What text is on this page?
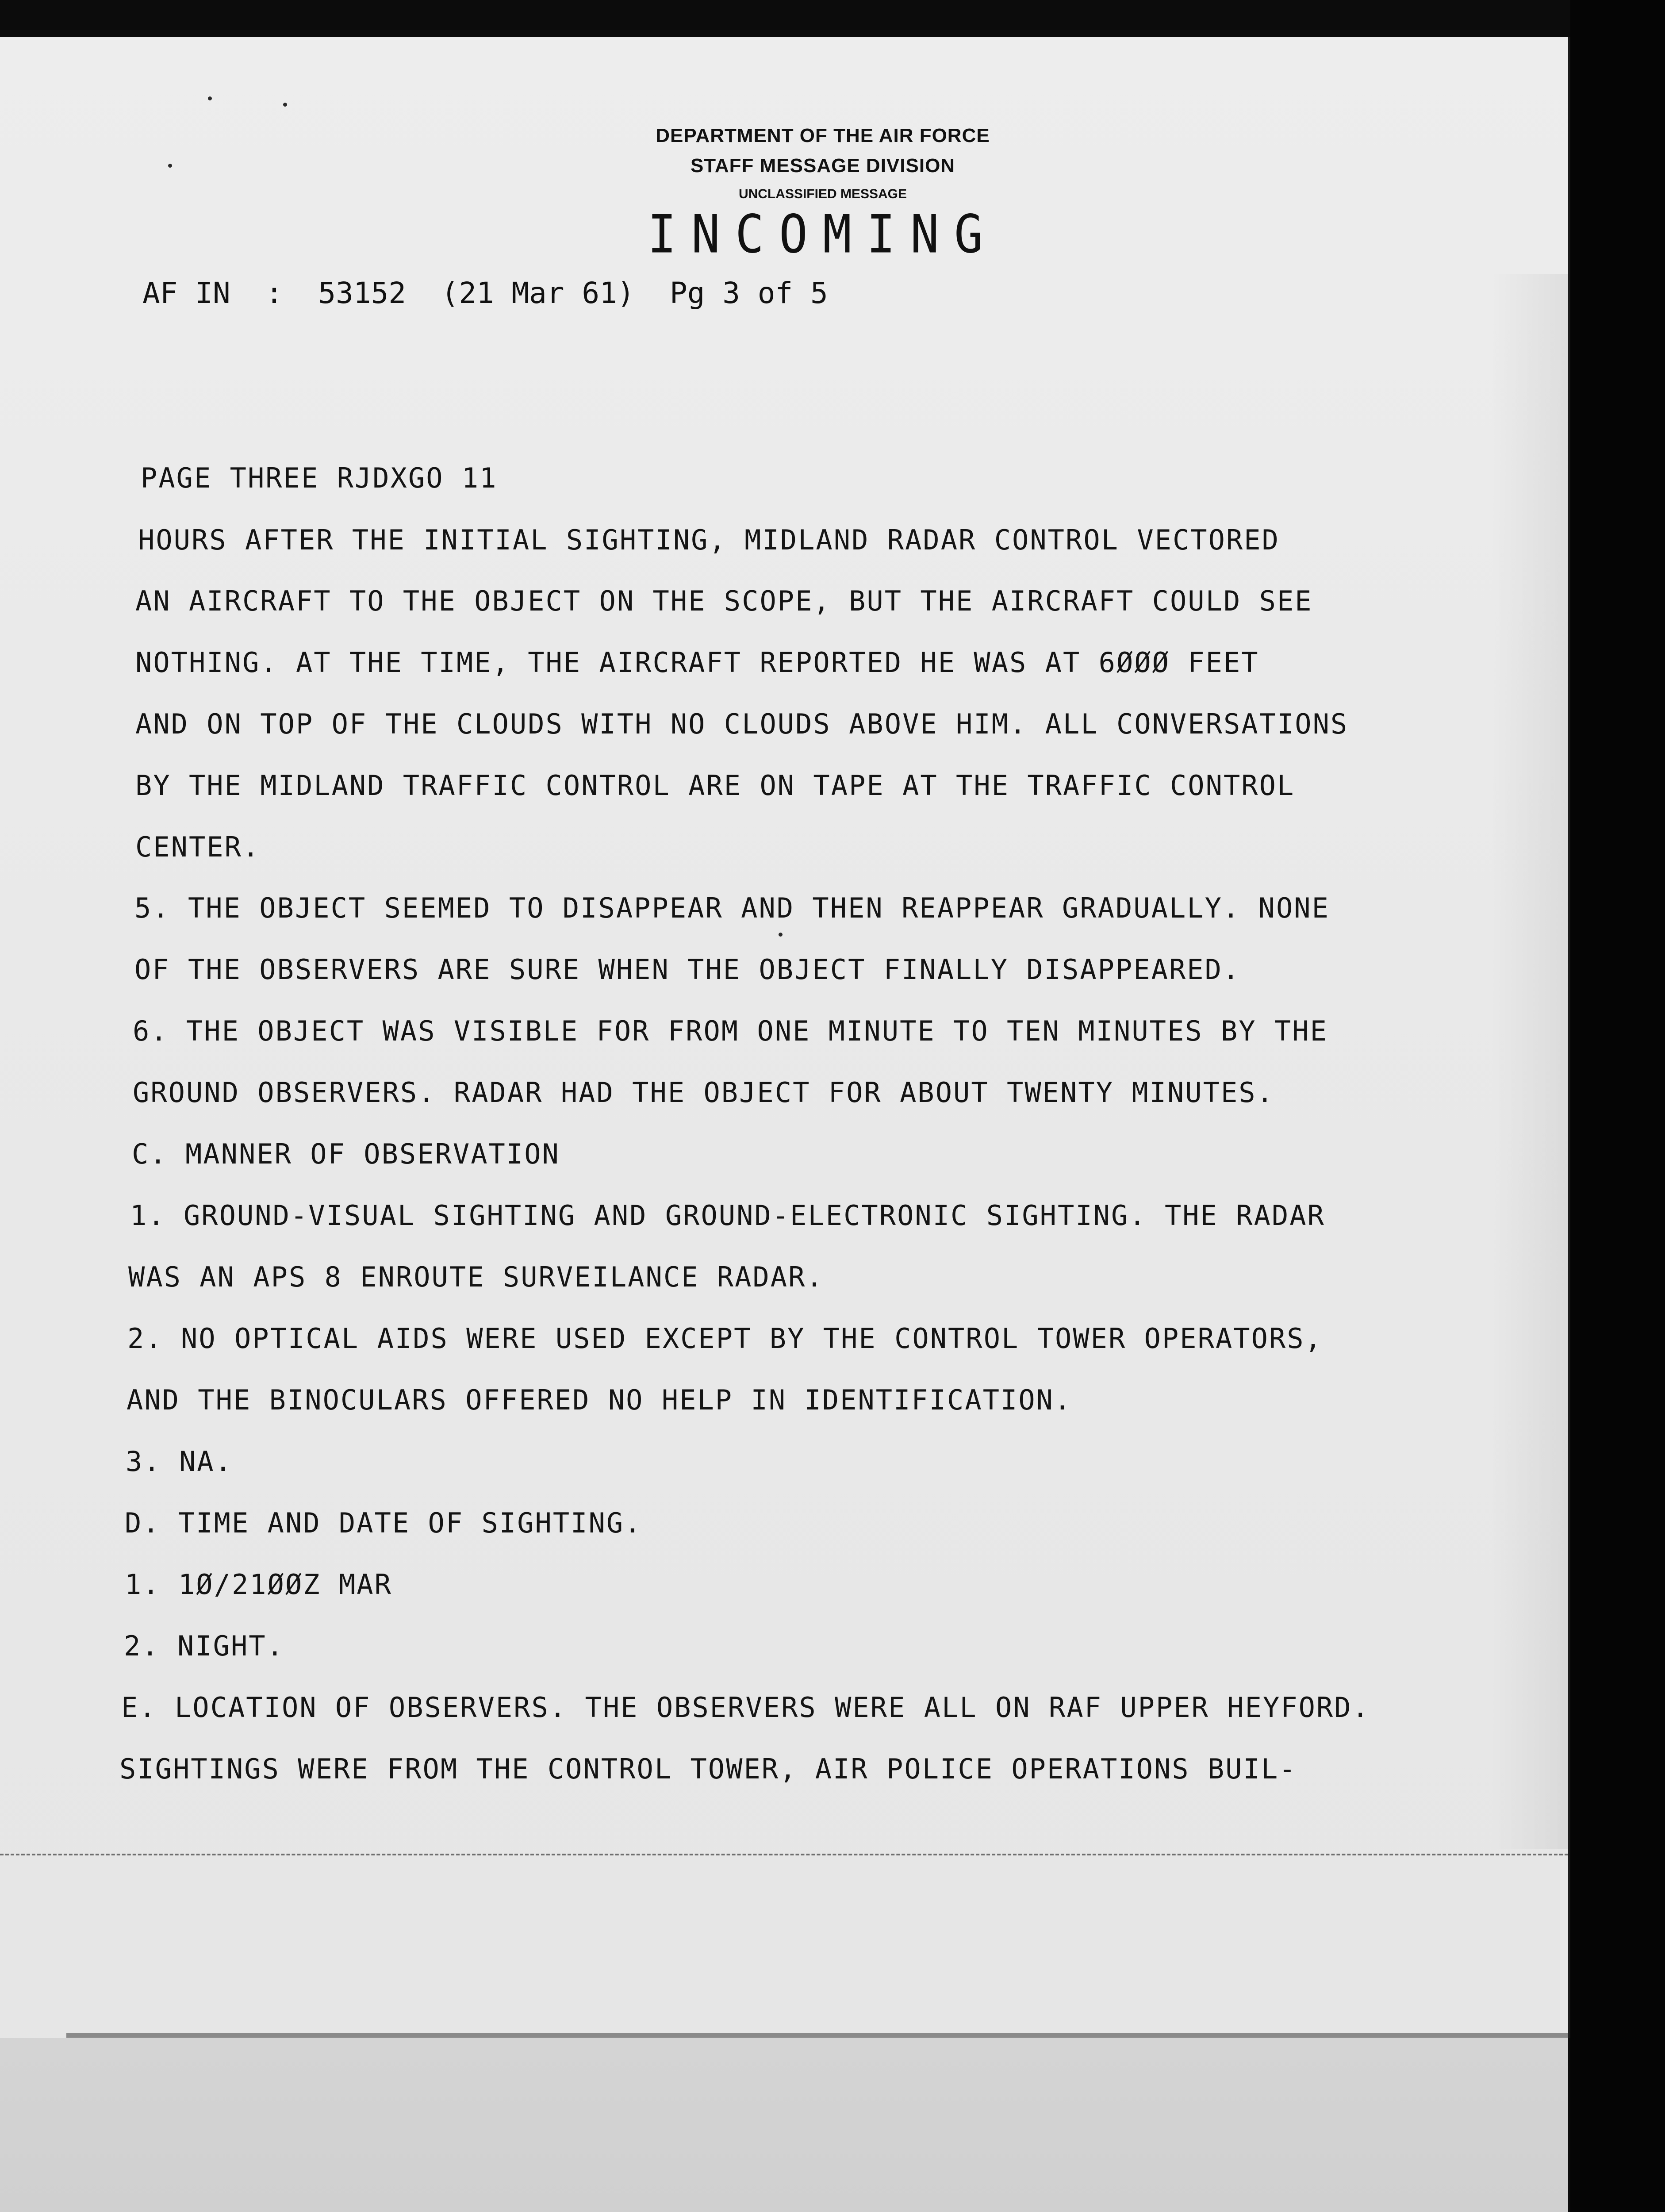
DEPARTMENT OF THE AIR FORCE
STAFF MESSAGE DIVISION
UNCLASSIFIED MESSAGE
INCOMING
AF IN  :  53152  (21 Mar 61)  Pg 3 of 5
PAGE THREE RJDXGO 11
HOURS AFTER THE INITIAL SIGHTING, MIDLAND RADAR CONTROL VECTORED
AN AIRCRAFT TO THE OBJECT ON THE SCOPE, BUT THE AIRCRAFT COULD SEE
NOTHING. AT THE TIME, THE AIRCRAFT REPORTED HE WAS AT 6ØØØ FEET
AND ON TOP OF THE CLOUDS WITH NO CLOUDS ABOVE HIM. ALL CONVERSATIONS
BY THE MIDLAND TRAFFIC CONTROL ARE ON TAPE AT THE TRAFFIC CONTROL
CENTER.
5. THE OBJECT SEEMED TO DISAPPEAR AND THEN REAPPEAR GRADUALLY. NONE
OF THE OBSERVERS ARE SURE WHEN THE OBJECT FINALLY DISAPPEARED.
6. THE OBJECT WAS VISIBLE FOR FROM ONE MINUTE TO TEN MINUTES BY THE
GROUND OBSERVERS. RADAR HAD THE OBJECT FOR ABOUT TWENTY MINUTES.
C. MANNER OF OBSERVATION
1. GROUND-VISUAL SIGHTING AND GROUND-ELECTRONIC SIGHTING. THE RADAR
WAS AN APS 8 ENROUTE SURVEILANCE RADAR.
2. NO OPTICAL AIDS WERE USED EXCEPT BY THE CONTROL TOWER OPERATORS,
AND THE BINOCULARS OFFERED NO HELP IN IDENTIFICATION.
3. NA.
D. TIME AND DATE OF SIGHTING.
1. 1Ø/21ØØZ MAR
2. NIGHT.
E. LOCATION OF OBSERVERS. THE OBSERVERS WERE ALL ON RAF UPPER HEYFORD.
SIGHTINGS WERE FROM THE CONTROL TOWER, AIR POLICE OPERATIONS BUIL-
